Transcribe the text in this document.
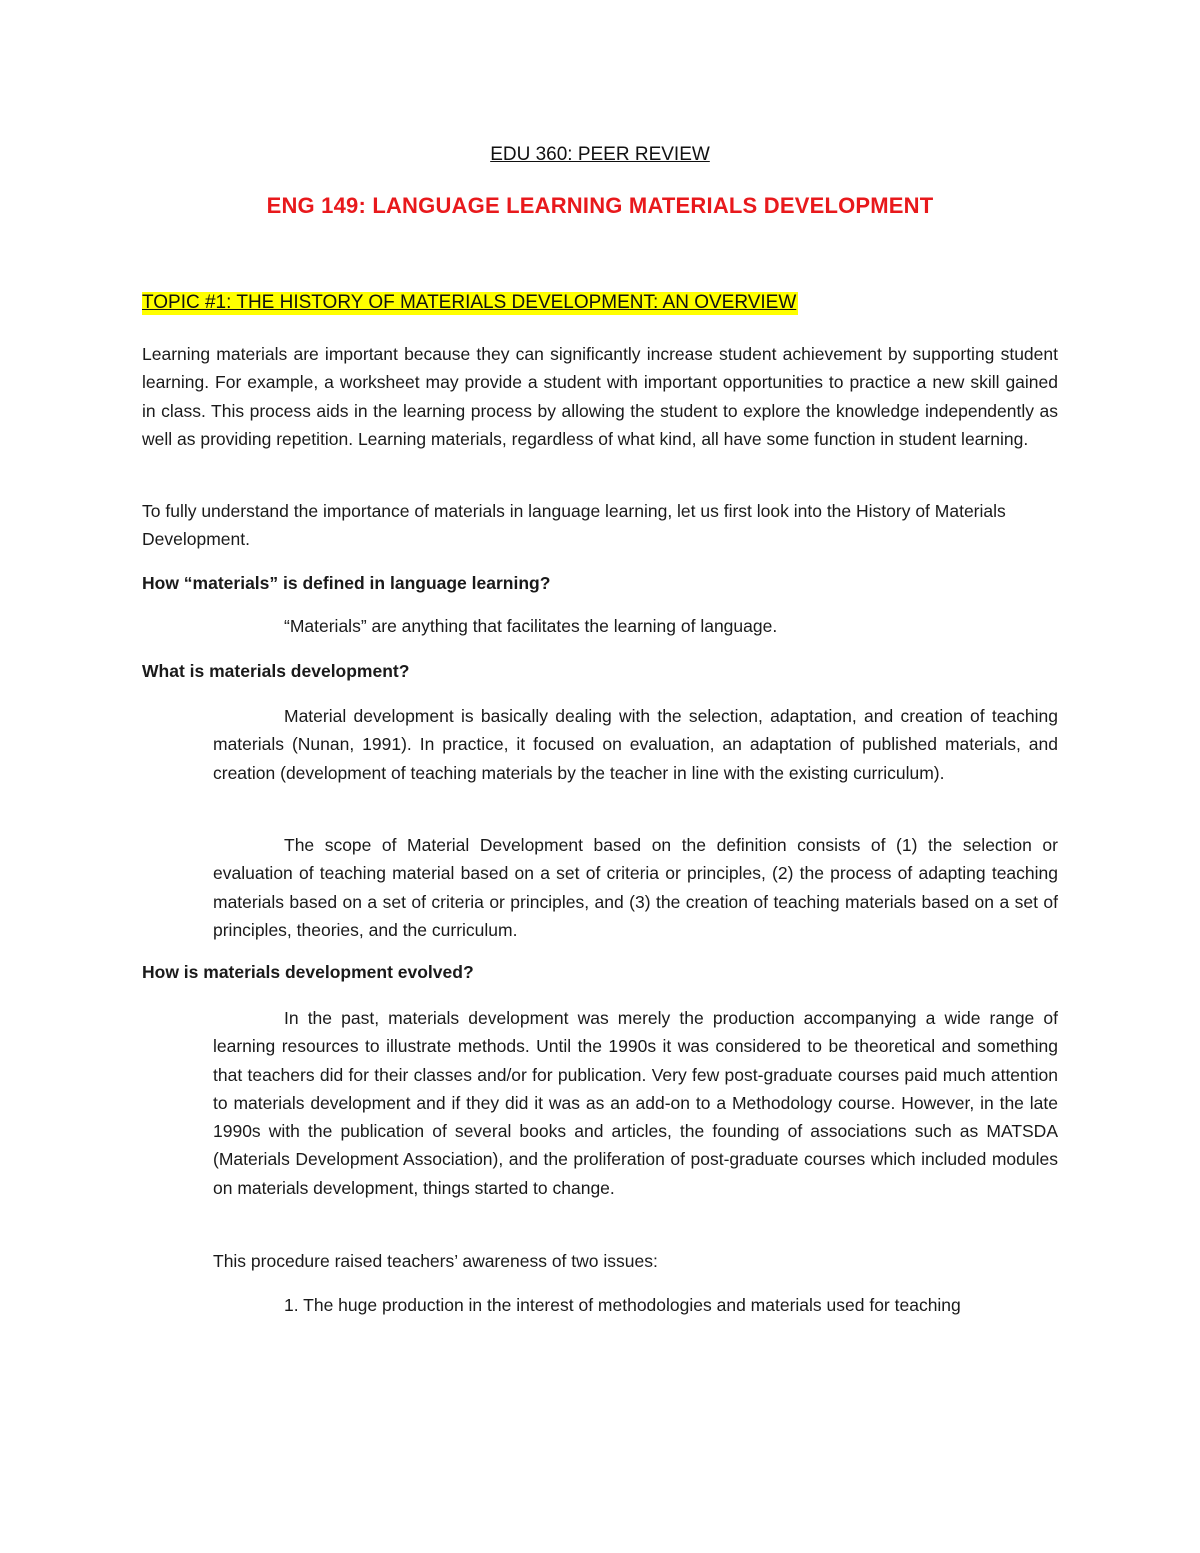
EDU 360: PEER REVIEW
ENG 149: LANGUAGE LEARNING MATERIALS DEVELOPMENT
TOPIC #1: THE HISTORY OF MATERIALS DEVELOPMENT: AN OVERVIEW
Learning materials are important because they can significantly increase student achievement by supporting student learning. For example, a worksheet may provide a student with important opportunities to practice a new skill gained in class. This process aids in the learning process by allowing the student to explore the knowledge independently as well as providing repetition. Learning materials, regardless of what kind, all have some function in student learning.
To fully understand the importance of materials in language learning, let us first look into the History of Materials Development.
How “materials” is defined in language learning?
“Materials” are anything that facilitates the learning of language.
What is materials development?
Material development is basically dealing with the selection, adaptation, and creation of teaching materials (Nunan, 1991). In practice, it focused on evaluation, an adaptation of published materials, and creation (development of teaching materials by the teacher in line with the existing curriculum).
The scope of Material Development based on the definition consists of (1) the selection or evaluation of teaching material based on a set of criteria or principles, (2) the process of adapting teaching materials based on a set of criteria or principles, and (3) the creation of teaching materials based on a set of principles, theories, and the curriculum.
How is materials development evolved?
In the past, materials development was merely the production accompanying a wide range of learning resources to illustrate methods. Until the 1990s it was considered to be theoretical and something that teachers did for their classes and/or for publication. Very few post-graduate courses paid much attention to materials development and if they did it was as an add-on to a Methodology course. However, in the late 1990s with the publication of several books and articles, the founding of associations such as MATSDA (Materials Development Association), and the proliferation of post-graduate courses which included modules on materials development, things started to change.
This procedure raised teachers’ awareness of two issues:
1. The huge production in the interest of methodologies and materials used for teaching
